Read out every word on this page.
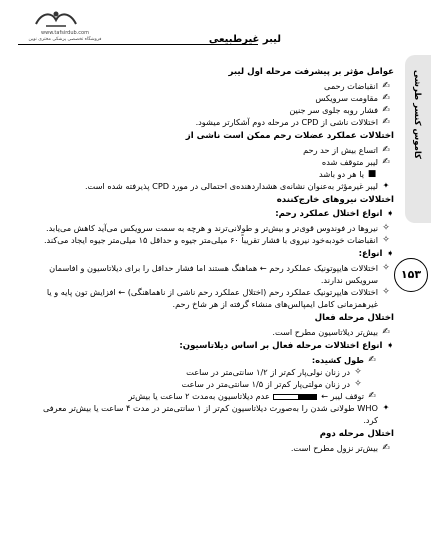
www.tafsirdub.com
فروشگاه تخصصی پزشکی مختری نوین	لیبر غیرطبیعی
کاموس کنسر طرشی
۱۵۳
عوامل مؤثر بر پیشرفت مرحله اول لیبر
✍
انقباضات رحمی
✍
مقاومت سرویکس
✍
فشار روبه جلوی سر جنین
✍
اختلالات ناشی از CPD در مرحله دوم آشکارتر میشود.
اختلالات عملکرد عضلات رحم ممکن است ناشی از
✍
اتساع بیش از حد رحم
✍
لیبر متوقف شده
■
یا هر دو باشد
✦
لیبر غیرمؤثر به‌عنوان نشانه‌ی هشداردهنده‌ی احتمالی در مورد CPD پذیرفته شده است.
اختلالات نیروهای خارج‌کننده
➧ انواع اختلال عملکرد رحم:
✧
نیروها در فوندوس قوی‌تر و بیش‌تر و طولانی‌ترند و هرچه به سمت سرویکس می‌آید کاهش می‌یابد.
✧
انقباضات خودبه‌خود نیروی با فشار تقریباً ۶۰ میلی‌متر جیوه و حداقل ۱۵ میلی‌متر جیوه ایجاد می‌کند.
➧ انواع:
✧
اختلالات هایپوتونیک عملکرد رحم ← هماهنگ هستند اما فشار حداقل را برای دیلاتاسیون و افاسمان سرویکس ندارند.
✧
اختلالات هایپرتونیک عملکرد رحم (اختلال عملکرد رحم ناشی از ناهماهنگی) ← افزایش تون پایه و یا غیرهمزمانی کامل ایمپالس‌های منشاء گرفته از هر شاخ رحم.
اختلال مرحله فعال
✍
بیش‌تر دیلاتاسیون مطرح است.
➧ انواع اختلالات مرحله فعال بر اساس دیلاتاسیون:
✍
طول کشیده:
✧
در زنان نولی‌پار کم‌تر از ۱/۲ سانتی‌متر در ساعت
✧
در زنان مولتی‌پار کم‌تر از ۱/۵ سانتی‌متر در ساعت
✍
توقف لیبر ←
عدم دیلاتاسیون به‌مدت ۲ ساعت یا بیش‌تر
✦
WHO طولانی شدن را به‌صورت دیلاتاسیون کم‌تر از ۱ سانتی‌متر در مدت ۴ ساعت یا بیش‌تر معرفی کرد.
اختلال مرحله دوم
✍
بیش‌تر نزول مطرح است.
